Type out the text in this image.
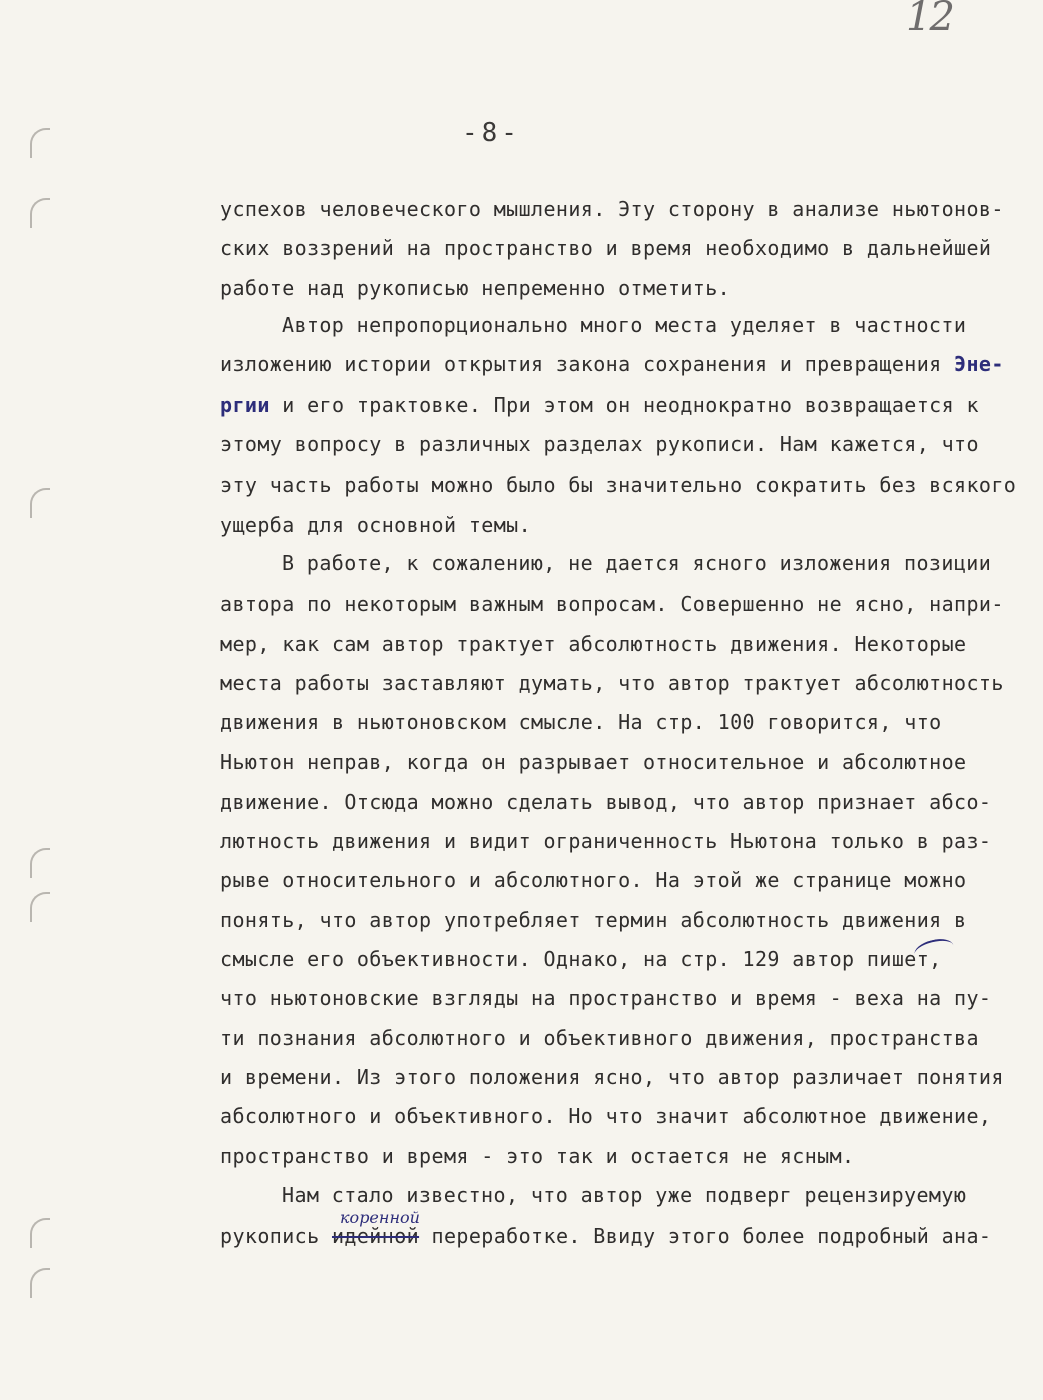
12
-8-
успехов человеческого мышления. Эту сторону в анализе ньютонов-
ских воззрений на пространство и время необходимо в дальнейшей
работе над рукописью непременно отметить.
Автор непропорционально много места уделяет в частности
изложению истории открытия закона сохранения и превращения Эне-
ргии и его трактовке. При этом он неоднократно возвращается к
этому вопросу в различных разделах рукописи. Нам кажется, что
эту часть работы можно было бы значительно сократить без всякого
ущерба для основной темы.
В работе, к сожалению, не дается ясного изложения позиции
автора по некоторым важным вопросам. Совершенно не ясно, напри-
мер, как сам автор трактует абсолютность движения. Некоторые
места работы заставляют думать, что автор трактует абсолютность
движения в ньютоновском смысле. На стр. 100 говорится, что
Ньютон неправ, когда он разрывает относительное и абсолютное
движение. Отсюда можно сделать вывод, что автор признает абсо-
лютность движения и видит ограниченность Ньютона только в раз-
рыве относительного и абсолютного. На этой же странице можно
понять, что автор употребляет термин абсолютность движения в
смысле его объективности. Однако, на стр. 129 автор пишет,
что ньютоновские взгляды на пространство и время - веха на пу-
ти познания абсолютного и объективного движения, пространства
и времени. Из этого положения ясно, что автор различает понятия
абсолютного и объективного. Но что значит абсолютное движение,
пространство и время - это так и остается не ясным.
Нам стало известно, что автор уже подверг рецензируемую
коренной
рукопись идейной переработке. Ввиду этого более подробный ана-
